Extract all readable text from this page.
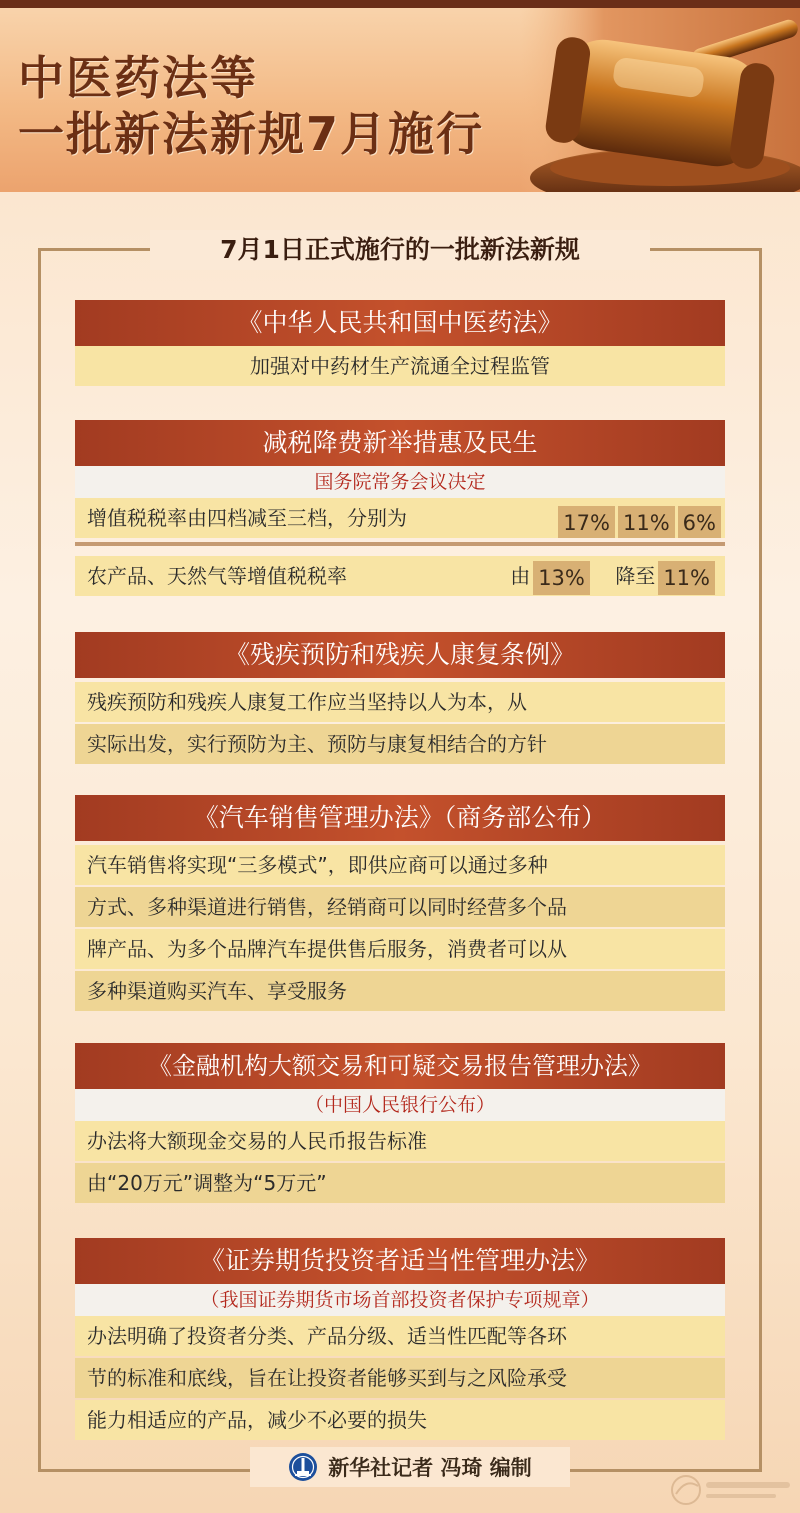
中医药法等
一批新法新规7月施行
7月1日正式施行的一批新法新规
《中华人民共和国中医药法》
加强对中药材生产流通全过程监管
减税降费新举措惠及民生
国务院常务会议决定
增值税税率由四档减至三档，分别为	17% 11% 6%
农产品、天然气等增值税税率	由 13% 降至 11%
《残疾预防和残疾人康复条例》
残疾预防和残疾人康复工作应当坚持以人为本，从
实际出发，实行预防为主、预防与康复相结合的方针
《汽车销售管理办法》（商务部公布）
汽车销售将实现“三多模式”，即供应商可以通过多种
方式、多种渠道进行销售，经销商可以同时经营多个品
牌产品、为多个品牌汽车提供售后服务，消费者可以从
多种渠道购买汽车、享受服务
《金融机构大额交易和可疑交易报告管理办法》
（中国人民银行公布）
办法将大额现金交易的人民币报告标准
由“20万元”调整为“5万元”
《证券期货投资者适当性管理办法》
（我国证券期货市场首部投资者保护专项规章）
办法明确了投资者分类、产品分级、适当性匹配等各环
节的标准和底线，旨在让投资者能够买到与之风险承受
能力相适应的产品，减少不必要的损失
新华社记者 冯琦 编制
